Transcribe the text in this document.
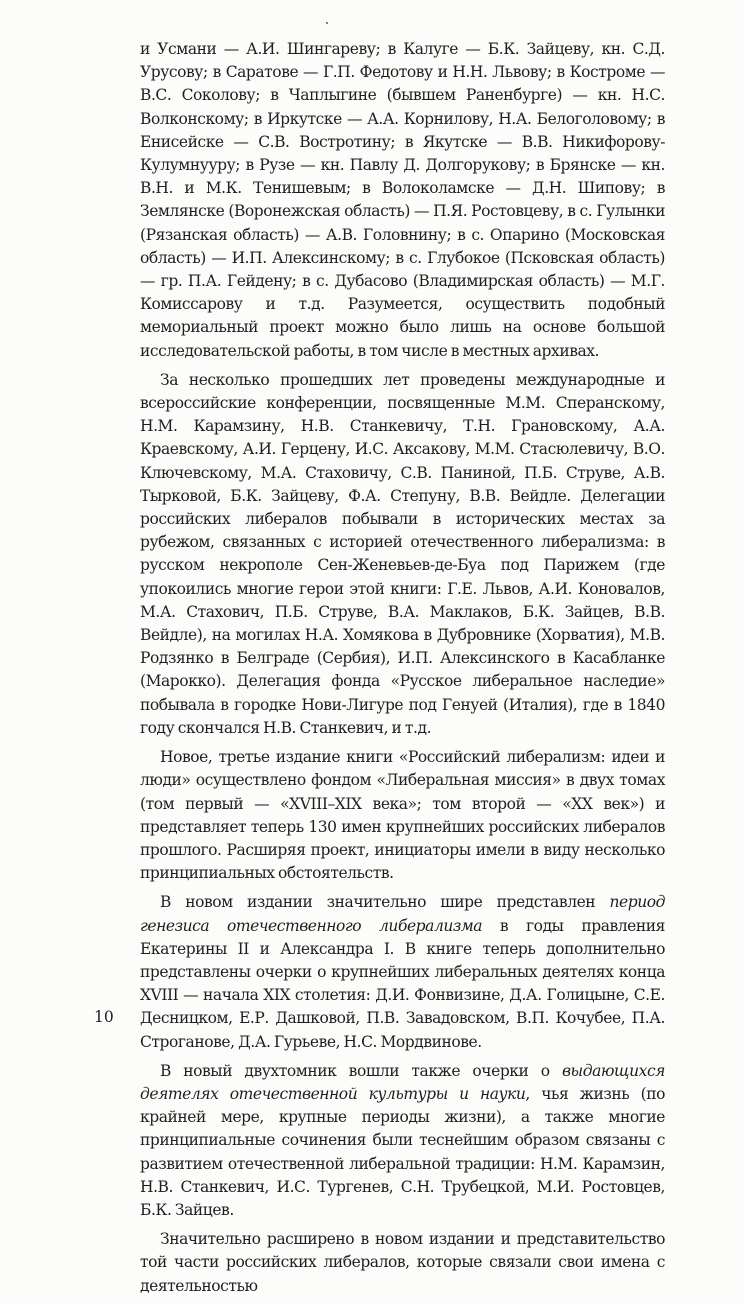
и Усмани — А.И. Шингареву; в Калуге — Б.К. Зайцеву, кн. С.Д. Урусову; в Саратове — Г.П. Федотову и Н.Н. Львову; в Костроме — В.С. Соколову; в Чаплыгине (бывшем Раненбурге) — кн. Н.С. Волконскому; в Иркутске — А.А. Корнилову, Н.А. Белоголовому; в Енисейске — С.В. Востротину; в Якутске — В.В. Никифорову-Кулумнууру; в Рузе — кн. Павлу Д. Долгорукову; в Брянске — кн. В.Н. и М.К. Тенишевым; в Волоколамске — Д.Н. Шипову; в Землянске (Воронежская область) — П.Я. Ростовцеву, в с. Гулынки (Рязанская область) — А.В. Головнину; в с. Опарино (Московская область) — И.П. Алексинскому; в с. Глубокое (Псковская область) — гр. П.А. Гейдену; в с. Дубасово (Владимирская область) — М.Г. Комиссарову и т.д. Разумеется, осуществить подобный мемориальный проект можно было лишь на основе большой исследовательской работы, в том числе в местных архивах.

За несколько прошедших лет проведены международные и всероссийские конференции, посвященные М.М. Сперанскому, Н.М. Карамзину, Н.В. Станкевичу, Т.Н. Грановскому, А.А. Краевскому, А.И. Герцену, И.С. Аксакову, М.М. Стасюлевичу, В.О. Ключевскому, М.А. Стаховичу, С.В. Паниной, П.Б. Струве, А.В. Тырковой, Б.К. Зайцеву, Ф.А. Степуну, В.В. Вейдле. Делегации российских либералов побывали в исторических местах за рубежом, связанных с историей отечественного либерализма: в русском некрополе Сен-Женевьев-де-Буа под Парижем (где упокоились многие герои этой книги: Г.Е. Львов, А.И. Коновалов, М.А. Стахович, П.Б. Струве, В.А. Маклаков, Б.К. Зайцев, В.В. Вейдле), на могилах Н.А. Хомякова в Дубровнике (Хорватия), М.В. Родзянко в Белграде (Сербия), И.П. Алексинского в Касабланке (Марокко). Делегация фонда «Русское либеральное наследие» побывала в городке Нови-Лигуре под Генуей (Италия), где в 1840 году скончался Н.В. Станкевич, и т.д.

Новое, третье издание книги «Российский либерализм: идеи и люди» осуществлено фондом «Либеральная миссия» в двух томах (том первый — «XVIII–XIX века»; том второй — «XX век») и представляет теперь 130 имен крупнейших российских либералов прошлого. Расширяя проект, инициаторы имели в виду несколько принципиальных обстоятельств.

В новом издании значительно шире представлен период генезиса отечественного либерализма в годы правления Екатерины II и Александра I. В книге теперь дополнительно представлены очерки о крупнейших либеральных деятелях конца XVIII — начала XIX столетия: Д.И. Фонвизине, Д.А. Голицыне, С.Е. Десницком, Е.Р. Дашковой, П.В. Завадовском, В.П. Кочубее, П.А. Строганове, Д.А. Гурьеве, Н.С. Мордвинове.

В новый двухтомник вошли также очерки о выдающихся деятелях отечественной культуры и науки, чья жизнь (по крайней мере, крупные периоды жизни), а также многие принципиальные сочинения были теснейшим образом связаны с развитием отечественной либеральной традиции: Н.М. Карамзин, Н.В. Станкевич, И.С. Тургенев, С.Н. Трубецкой, М.И. Ростовцев, Б.К. Зайцев.

Значительно расширено в новом издании и представительство той части российских либералов, которые связали свои имена с деятельностью

10
